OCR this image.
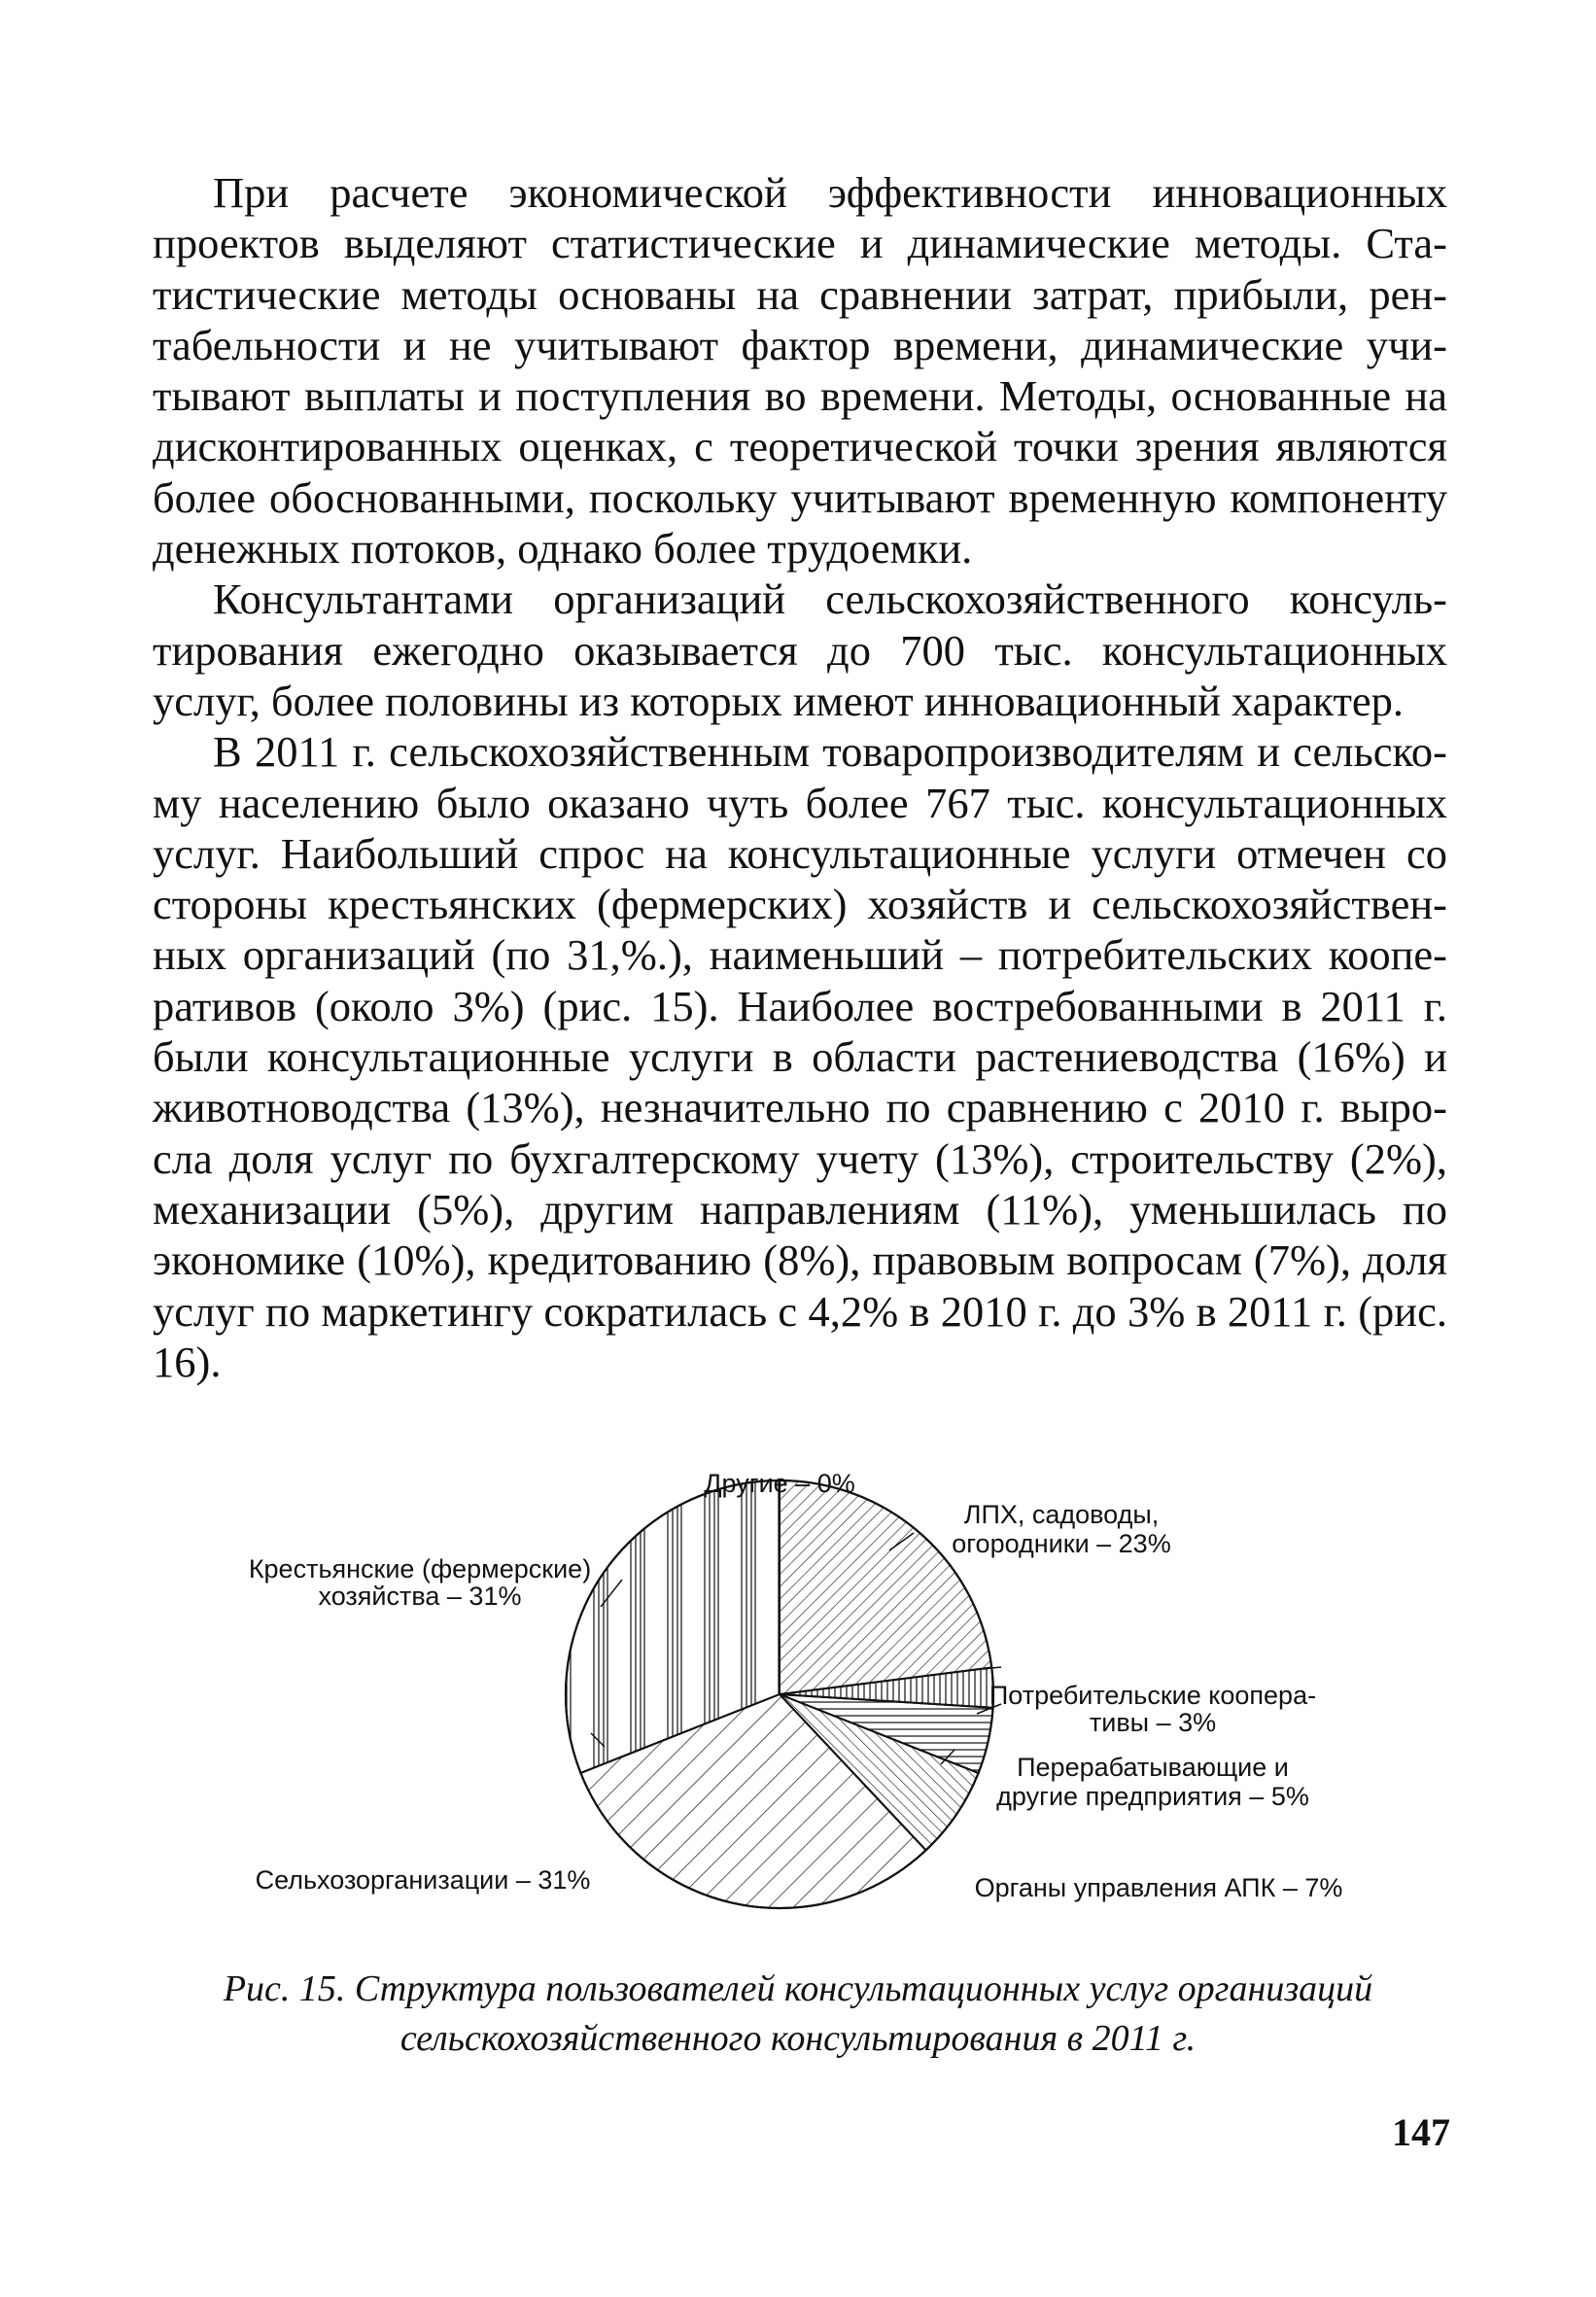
При расчете экономической эффективности инновационных проектов выделяют статистические и динамические методы. Статистические методы основаны на сравнении затрат, прибыли, рентабельности и не учитывают фактор времени, динамические учитывают выплаты и поступления во времени. Методы, основанные на дисконтированных оценках, с теоретической точки зрения являются более обоснованными, поскольку учитывают временную компоненту денежных потоков, однако более трудоемки.

Консультантами организаций сельскохозяйственного консультирования ежегодно оказывается до 700 тыс. консультационных услуг, более половины из которых имеют инновационный характер.

В 2011 г. сельскохозяйственным товаропроизводителям и сельскому населению было оказано чуть более 767 тыс. консультационных услуг. Наибольший спрос на консультационные услуги отмечен со стороны крестьянских (фермерских) хозяйств и сельскохозяйственных организаций (по 31,%.), наименьший – потребительских кооперативов (около 3%) (рис. 15). Наиболее востребованными в 2011 г. были консультационные услуги в области растениеводства (16%) и животноводства (13%), незначительно по сравнению с 2010 г. выросла доля услуг по бухгалтерскому учету (13%), строительству (2%), механизации (5%), другим направлениям (11%), уменьшилась по экономике (10%), кредитованию (8%), правовым вопросам (7%), доля услуг по маркетингу сократилась с 4,2% в 2010 г. до 3% в 2011 г. (рис. 16).

Другие – 0%
ЛПХ, садоводы,
огородники – 23%
Потребительские коопера-
тивы – 3%
Перерабатывающие и
другие предприятия – 5%
Органы управления АПК – 7%
Сельхозорганизации – 31%
Крестьянские (фермерские)
хозяйства – 31%
Рис. 15. Структура пользователей консультационных услуг организаций
сельскохозяйственного консультирования в 2011 г.
147
